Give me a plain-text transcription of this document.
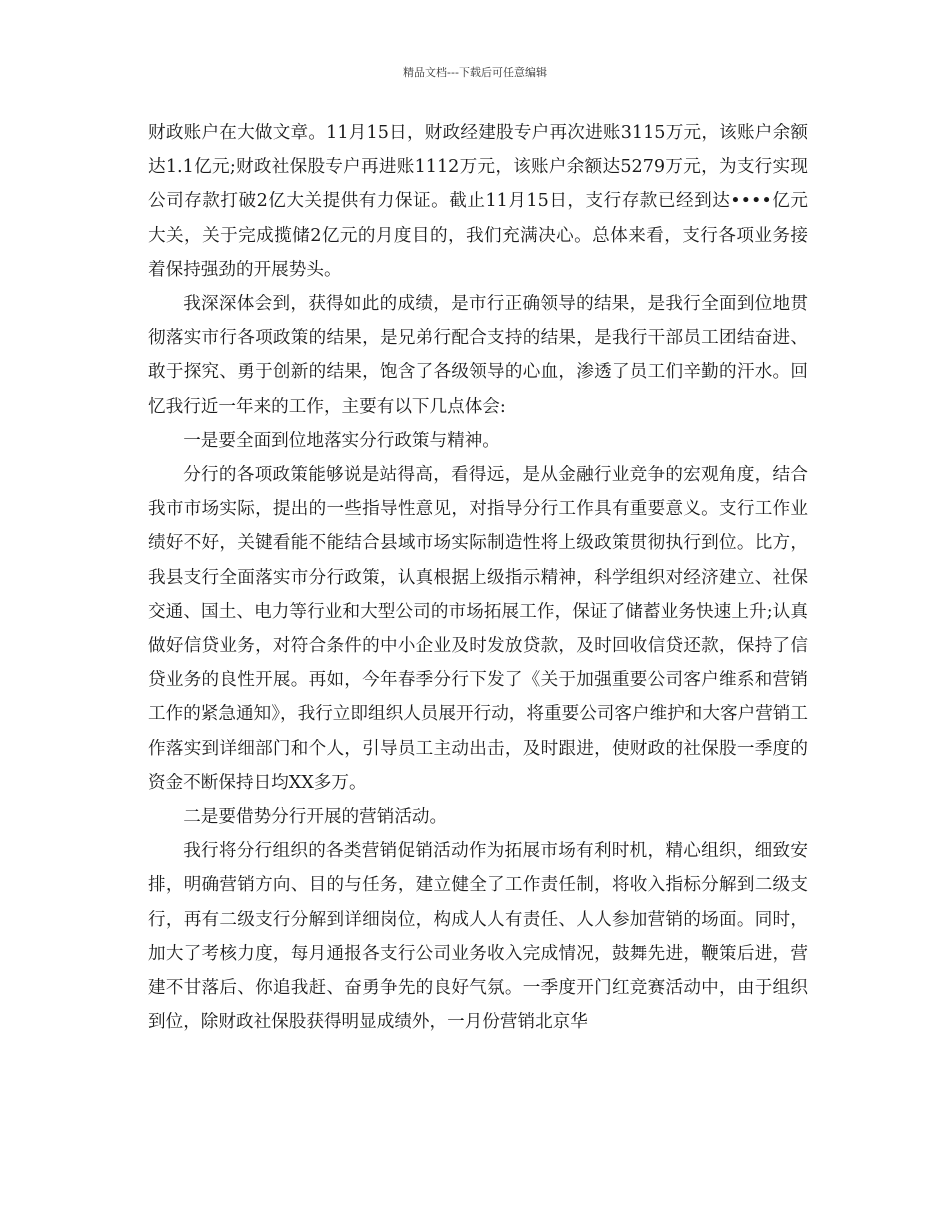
精品文档---下载后可任意编辑

财政账户在大做文章。11月15日，财政经建股专户再次进账3115万元，该账户余额达1.1亿元;财政社保股专户再进账1112万元，该账户余额达5279万元，为支行实现公司存款打破2亿大关提供有力保证。截止11月15日，支行存款已经到达••••亿元大关，关于完成揽储2亿元的月度目的，我们充满决心。总体来看，支行各项业务接着保持强劲的开展势头。

我深深体会到，获得如此的成绩，是市行正确领导的结果，是我行全面到位地贯彻落实市行各项政策的结果，是兄弟行配合支持的结果，是我行干部员工团结奋进、敢于探究、勇于创新的结果，饱含了各级领导的心血，渗透了员工们辛勤的汗水。回忆我行近一年来的工作，主要有以下几点体会:

一是要全面到位地落实分行政策与精神。

分行的各项政策能够说是站得高，看得远，是从金融行业竞争的宏观角度，结合我市市场实际，提出的一些指导性意见，对指导分行工作具有重要意义。支行工作业绩好不好，关键看能不能结合县域市场实际制造性将上级政策贯彻执行到位。比方，我县支行全面落实市分行政策，认真根据上级指示精神，科学组织对经济建立、社保交通、国土、电力等行业和大型公司的市场拓展工作，保证了储蓄业务快速上升;认真做好信贷业务，对符合条件的中小企业及时发放贷款，及时回收信贷还款，保持了信贷业务的良性开展。再如，今年春季分行下发了《关于加强重要公司客户维系和营销工作的紧急通知》，我行立即组织人员展开行动，将重要公司客户维护和大客户营销工作落实到详细部门和个人，引导员工主动出击，及时跟进，使财政的社保股一季度的资金不断保持日均XX多万。

二是要借势分行开展的营销活动。

我行将分行组织的各类营销促销活动作为拓展市场有利时机，精心组织，细致安排，明确营销方向、目的与任务，建立健全了工作责任制，将收入指标分解到二级支行，再有二级支行分解到详细岗位，构成人人有责任、人人参加营销的场面。同时，加大了考核力度，每月通报各支行公司业务收入完成情况，鼓舞先进，鞭策后进，营建不甘落后、你追我赶、奋勇争先的良好气氛。一季度开门红竞赛活动中，由于组织到位，除财政社保股获得明显成绩外，一月份营销北京华
